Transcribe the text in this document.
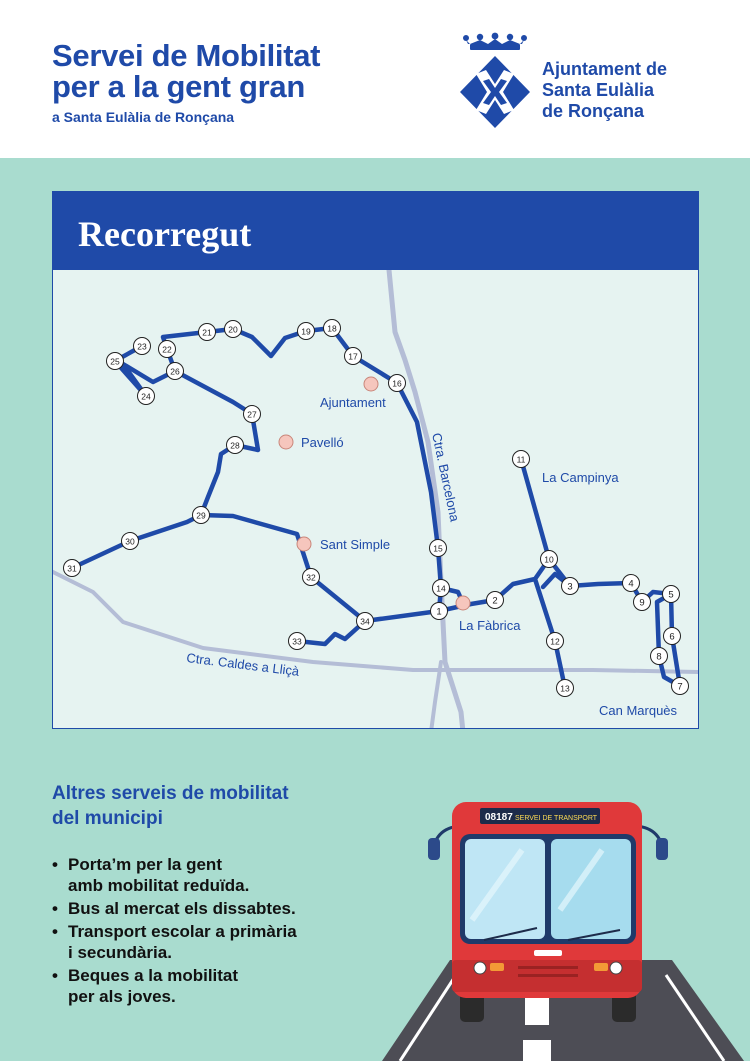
Servei de Mobilitat
per a la gent gran
a Santa Eulàlia de Ronçana
Ajuntament de
Santa Eulàlia
de Ronçana
Recorregut
1
2
3	4
5
6
7
8
9
10
11
12
13
14
15
16
17
18
19
20
21
22
23
24
25
26
27
28
29
30
31
32
33
34
Ajuntament
Pavelló
Sant Simple
La Fàbrica
La Campinya
Can Marquès
Ctra. Barcelona
Ctra. Caldes a Lliçà
Altres serveis de mobilitat
del municipi
• Porta’m per la gent
amb mobilitat reduïda.
• Bus al mercat els dissabtes.
• Transport escolar a primària
i secundària.
• Beques a la mobilitat
per als joves.
08187 SERVEI DE TRANSPORT
